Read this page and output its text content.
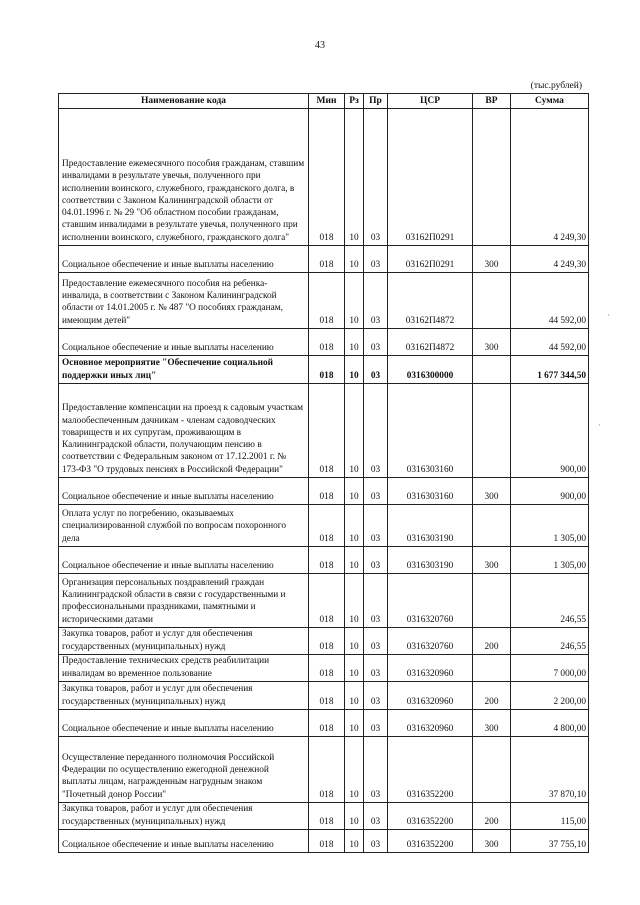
43
(тыс.рублей)
Наименование кода	Мин	Рз	Пр	ЦСР	ВР	Сумма
Предоставление ежемесячного пособия гражданам, ставшим инвалидами в результате увечья, полученного при исполнении воинского, служебного, гражданского долга, в соответствии с Законом Калининградской области от 04.01.1996 г. № 29 "Об областном пособии гражданам, ставшим инвалидами в результате увечья, полученного при исполнении воинского, служебного, гражданского долга"	018	10	03	03162П0291		4 249,30
Социальное обеспечение и иные выплаты населению	018	10	03	03162П0291	300	4 249,30
Предоставление ежемесячного пособия на ребенка-инвалида, в соответствии с Законом Калининградской области от 14.01.2005 г. № 487 "О пособиях гражданам, имеющим детей"	018	10	03	03162П4872		44 592,00
Социальное обеспечение и иные выплаты населению	018	10	03	03162П4872	300	44 592,00
Основное мероприятие "Обеспечение социальной поддержки иных лиц"	018	10	03	0316300000		1 677 344,50
Предоставление компенсации на проезд к садовым участкам малообеспеченным дачникам - членам садоводческих товариществ и их супругам, проживающим в Калининградской области, получающим пенсию в соответствии с Федеральным законом от 17.12.2001 г. № 173-ФЗ "О трудовых пенсиях в Российской Федерации"	018	10	03	0316303160		900,00
Социальное обеспечение и иные выплаты населению	018	10	03	0316303160	300	900,00
Оплата услуг по погребению, оказываемых специализированной службой по вопросам похоронного дела	018	10	03	0316303190		1 305,00
Социальное обеспечение и иные выплаты населению	018	10	03	0316303190	300	1 305,00
Организация персональных поздравлений граждан Калининградской области в связи с государственными и профессиональными праздниками, памятными и историческими датами	018	10	03	0316320760		246,55
Закупка товаров, работ и услуг для обеспечения государственных (муниципальных) нужд	018	10	03	0316320760	200	246,55
Предоставление технических средств реабилитации инвалидам во временное пользование	018	10	03	0316320960		7 000,00
Закупка товаров, работ и услуг для обеспечения государственных (муниципальных) нужд	018	10	03	0316320960	200	2 200,00
Социальное обеспечение и иные выплаты населению	018	10	03	0316320960	300	4 800,00
Осуществление переданного полномочия Российской Федерации по осуществлению ежегодной денежной выплаты лицам, награжденным нагрудным знаком "Почетный донор России"	018	10	03	0316352200		37 870,10
Закупка товаров, работ и услуг для обеспечения государственных (муниципальных) нужд	018	10	03	0316352200	200	115,00
Социальное обеспечение и иные выплаты населению	018	10	03	0316352200	300	37 755,10
·
·
